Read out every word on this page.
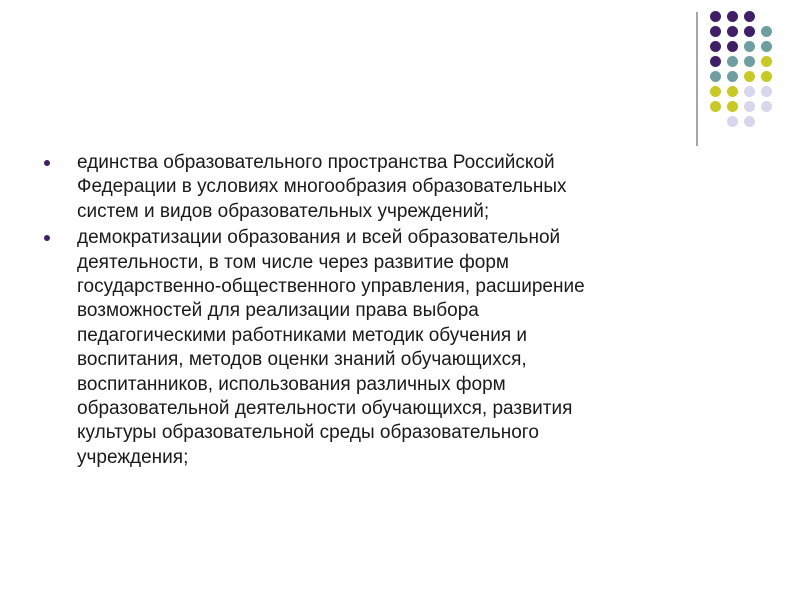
единства образовательного пространства Российской
Федерации в условиях многообразия образовательных
систем и видов образовательных учреждений;
демократизации образования и всей образовательной
деятельности, в том числе через развитие форм
государственно-общественного управления, расширение
возможностей для реализации права выбора
педагогическими работниками методик обучения и
воспитания, методов оценки знаний обучающихся,
воспитанников, использования различных форм
образовательной деятельности обучающихся, развития
культуры образовательной среды образовательного
учреждения;
